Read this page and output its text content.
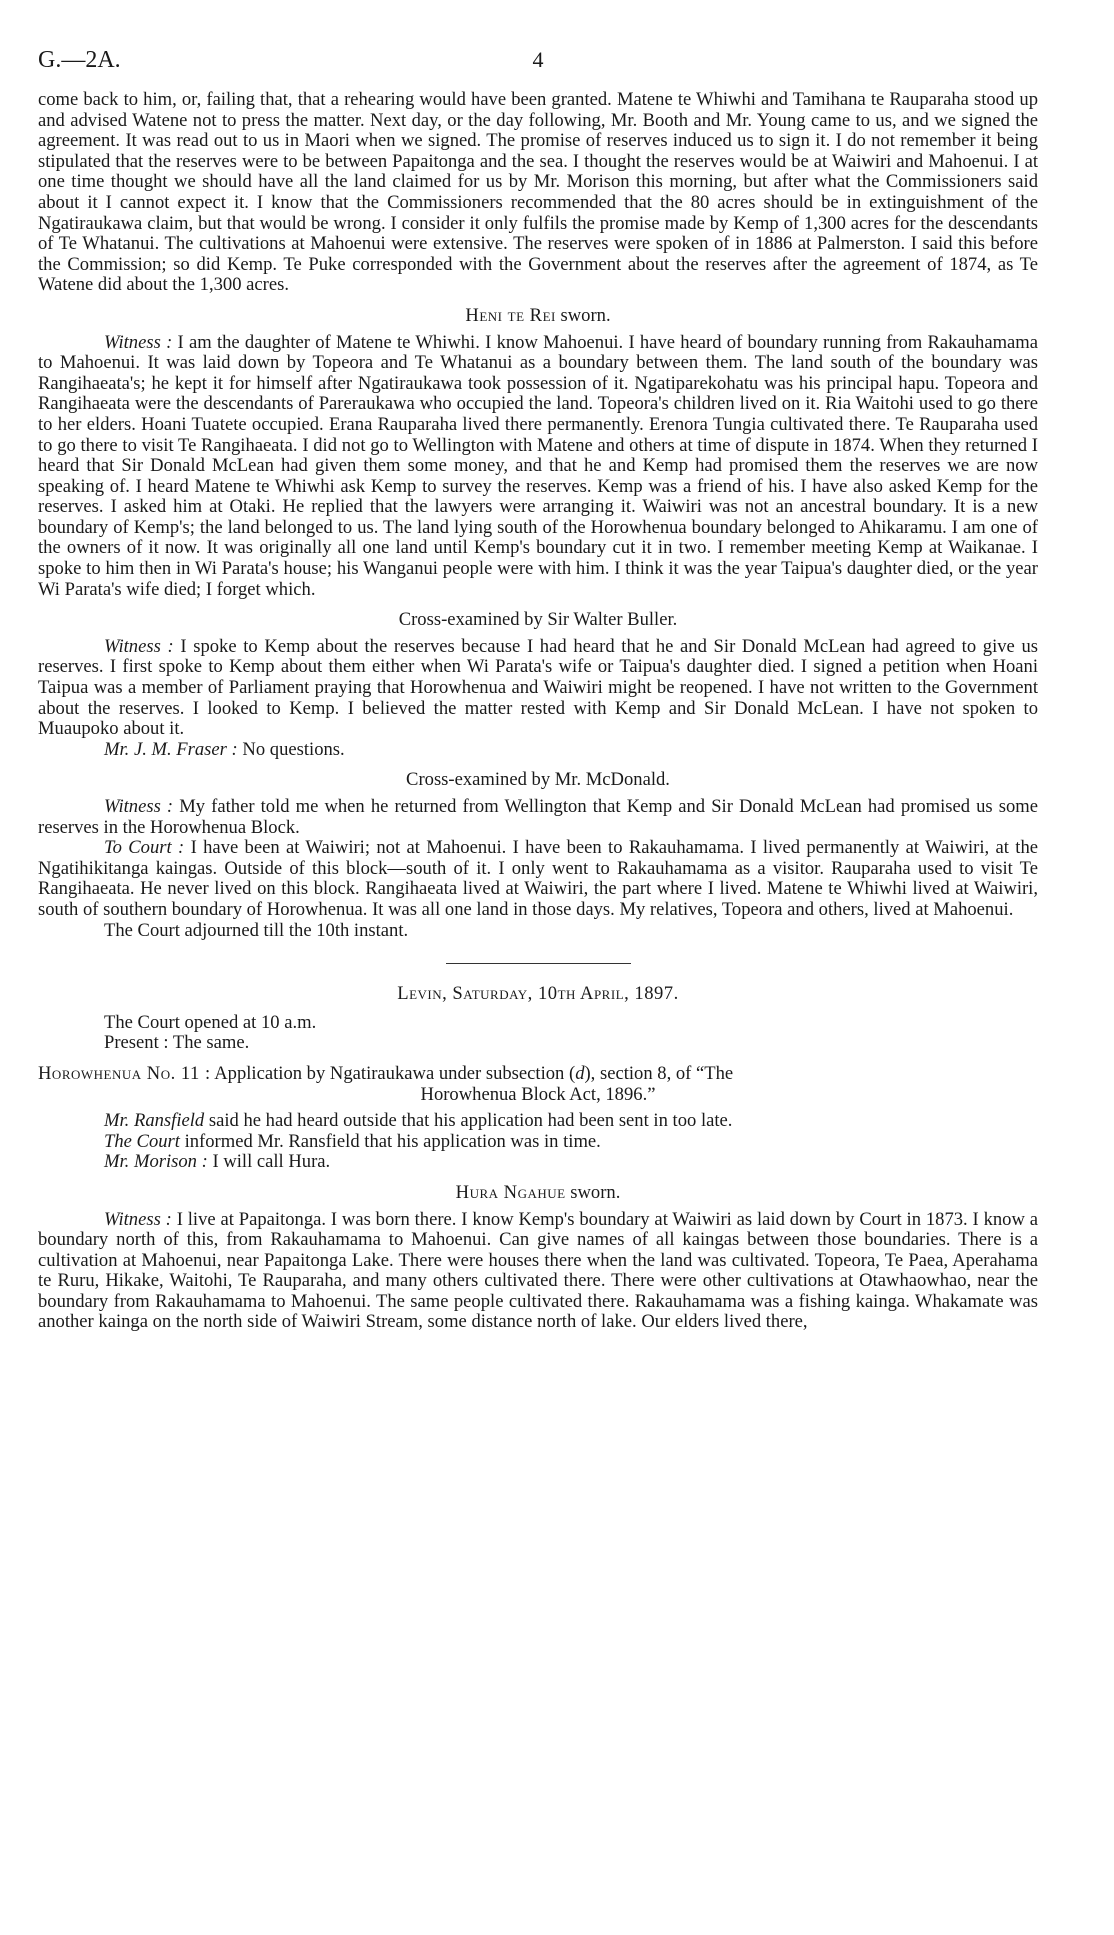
G.—2A.	4

come back to him, or, failing that, that a rehearing would have been granted. Matene te Whiwhi and Tamihana te Rauparaha stood up and advised Watene not to press the matter. Next day, or the day following, Mr. Booth and Mr. Young came to us, and we signed the agreement. It was read out to us in Maori when we signed. The promise of reserves induced us to sign it. I do not remember it being stipulated that the reserves were to be between Papaitonga and the sea. I thought the reserves would be at Waiwiri and Mahoenui. I at one time thought we should have all the land claimed for us by Mr. Morison this morning, but after what the Commissioners said about it I cannot expect it. I know that the Commissioners recommended that the 80 acres should be in extinguishment of the Ngatiraukawa claim, but that would be wrong. I consider it only fulfils the promise made by Kemp of 1,300 acres for the descendants of Te Whatanui. The cultivations at Mahoenui were extensive. The reserves were spoken of in 1886 at Palmerston. I said this before the Commission; so did Kemp. Te Puke corresponded with the Government about the reserves after the agreement of 1874, as Te Watene did about the 1,300 acres.

Heni te Rei sworn.

Witness : I am the daughter of Matene te Whiwhi. I know Mahoenui. I have heard of boundary running from Rakauhamama to Mahoenui. It was laid down by Topeora and Te Whatanui as a boundary between them. The land south of the boundary was Rangihaeata's; he kept it for himself after Ngatiraukawa took possession of it. Ngatiparekohatu was his principal hapu. Topeora and Rangihaeata were the descendants of Pareraukawa who occupied the land. Topeora's children lived on it. Ria Waitohi used to go there to her elders. Hoani Tuatete occupied. Erana Rauparaha lived there permanently. Erenora Tungia cultivated there. Te Rauparaha used to go there to visit Te Rangihaeata. I did not go to Wellington with Matene and others at time of dispute in 1874. When they returned I heard that Sir Donald McLean had given them some money, and that he and Kemp had promised them the reserves we are now speaking of. I heard Matene te Whiwhi ask Kemp to survey the reserves. Kemp was a friend of his. I have also asked Kemp for the reserves. I asked him at Otaki. He replied that the lawyers were arranging it. Waiwiri was not an ancestral boundary. It is a new boundary of Kemp's; the land belonged to us. The land lying south of the Horowhenua boundary belonged to Ahikaramu. I am one of the owners of it now. It was originally all one land until Kemp's boundary cut it in two. I remember meeting Kemp at Waikanae. I spoke to him then in Wi Parata's house; his Wanganui people were with him. I think it was the year Taipua's daughter died, or the year Wi Parata's wife died; I forget which.

Cross-examined by Sir Walter Buller.

Witness : I spoke to Kemp about the reserves because I had heard that he and Sir Donald McLean had agreed to give us reserves. I first spoke to Kemp about them either when Wi Parata's wife or Taipua's daughter died. I signed a petition when Hoani Taipua was a member of Parliament praying that Horowhenua and Waiwiri might be reopened. I have not written to the Government about the reserves. I looked to Kemp. I believed the matter rested with Kemp and Sir Donald McLean. I have not spoken to Muaupoko about it.

Mr. J. M. Fraser : No questions.

Cross-examined by Mr. McDonald.

Witness : My father told me when he returned from Wellington that Kemp and Sir Donald McLean had promised us some reserves in the Horowhenua Block.

To Court : I have been at Waiwiri; not at Mahoenui. I have been to Rakauhamama. I lived permanently at Waiwiri, at the Ngatihikitanga kaingas. Outside of this block—south of it. I only went to Rakauhamama as a visitor. Rauparaha used to visit Te Rangihaeata. He never lived on this block. Rangihaeata lived at Waiwiri, the part where I lived. Matene te Whiwhi lived at Waiwiri, south of southern boundary of Horowhenua. It was all one land in those days. My relatives, Topeora and others, lived at Mahoenui.

The Court adjourned till the 10th instant.

Levin, Saturday, 10th April, 1897.

The Court opened at 10 a.m.

Present : The same.

Horowhenua No. 11 : Application by Ngatiraukawa under subsection (d), section 8, of “The

Horowhenua Block Act, 1896.”

Mr. Ransfield said he had heard outside that his application had been sent in too late.

The Court informed Mr. Ransfield that his application was in time.

Mr. Morison : I will call Hura.

Hura Ngahue sworn.

Witness : I live at Papaitonga. I was born there. I know Kemp's boundary at Waiwiri as laid down by Court in 1873. I know a boundary north of this, from Rakauhamama to Mahoenui. Can give names of all kaingas between those boundaries. There is a cultivation at Mahoenui, near Papaitonga Lake. There were houses there when the land was cultivated. Topeora, Te Paea, Aperahama te Ruru, Hikake, Waitohi, Te Rauparaha, and many others cultivated there. There were other cultivations at Otawhaowhao, near the boundary from Rakauhamama to Mahoenui. The same people cultivated there. Rakauhamama was a fishing kainga. Whakamate was another kainga on the north side of Waiwiri Stream, some distance north of lake. Our elders lived there,
